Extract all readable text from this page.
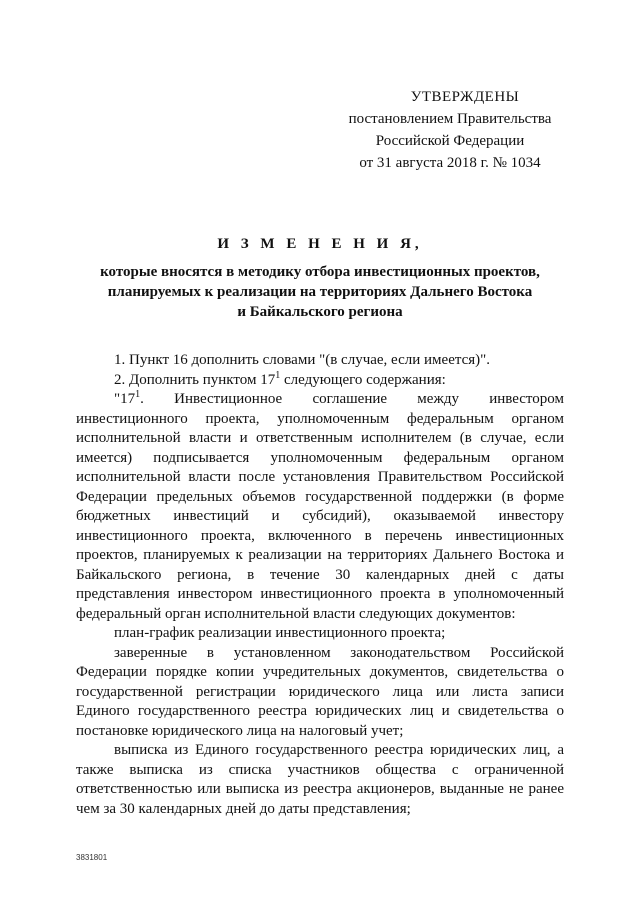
УТВЕРЖДЕНЫ
постановлением Правительства
Российской Федерации
от 31 августа 2018 г. № 1034
И З М Е Н Е Н И Я,
которые вносятся в методику отбора инвестиционных проектов,
планируемых к реализации на территориях Дальнего Востока
и Байкальского региона

1. Пункт 16 дополнить словами "(в случае, если имеется)".

2. Дополнить пунктом $17^1$ следующего содержания:

"$17^1$. Инвестиционное соглашение между инвестором инвестиционного проекта, уполномоченным федеральным органом исполнительной власти и ответственным исполнителем (в случае, если имеется) подписывается уполномоченным федеральным органом исполнительной власти после установления Правительством Российской Федерации предельных объемов государственной поддержки (в форме бюджетных инвестиций и субсидий), оказываемой инвестору инвестиционного проекта, включенного в перечень инвестиционных проектов, планируемых к реализации на территориях Дальнего Востока и Байкальского региона, в течение 30 календарных дней с даты представления инвестором инвестиционного проекта в уполномоченный федеральный орган исполнительной власти следующих документов:

план-график реализации инвестиционного проекта;

заверенные в установленном законодательством Российской Федерации порядке копии учредительных документов, свидетельства о государственной регистрации юридического лица или листа записи Единого государственного реестра юридических лиц и свидетельства о постановке юридического лица на налоговый учет;

выписка из Единого государственного реестра юридических лиц, а также выписка из списка участников общества с ограниченной ответственностью или выписка из реестра акционеров, выданные не ранее чем за 30 календарных дней до даты представления;

3831801
